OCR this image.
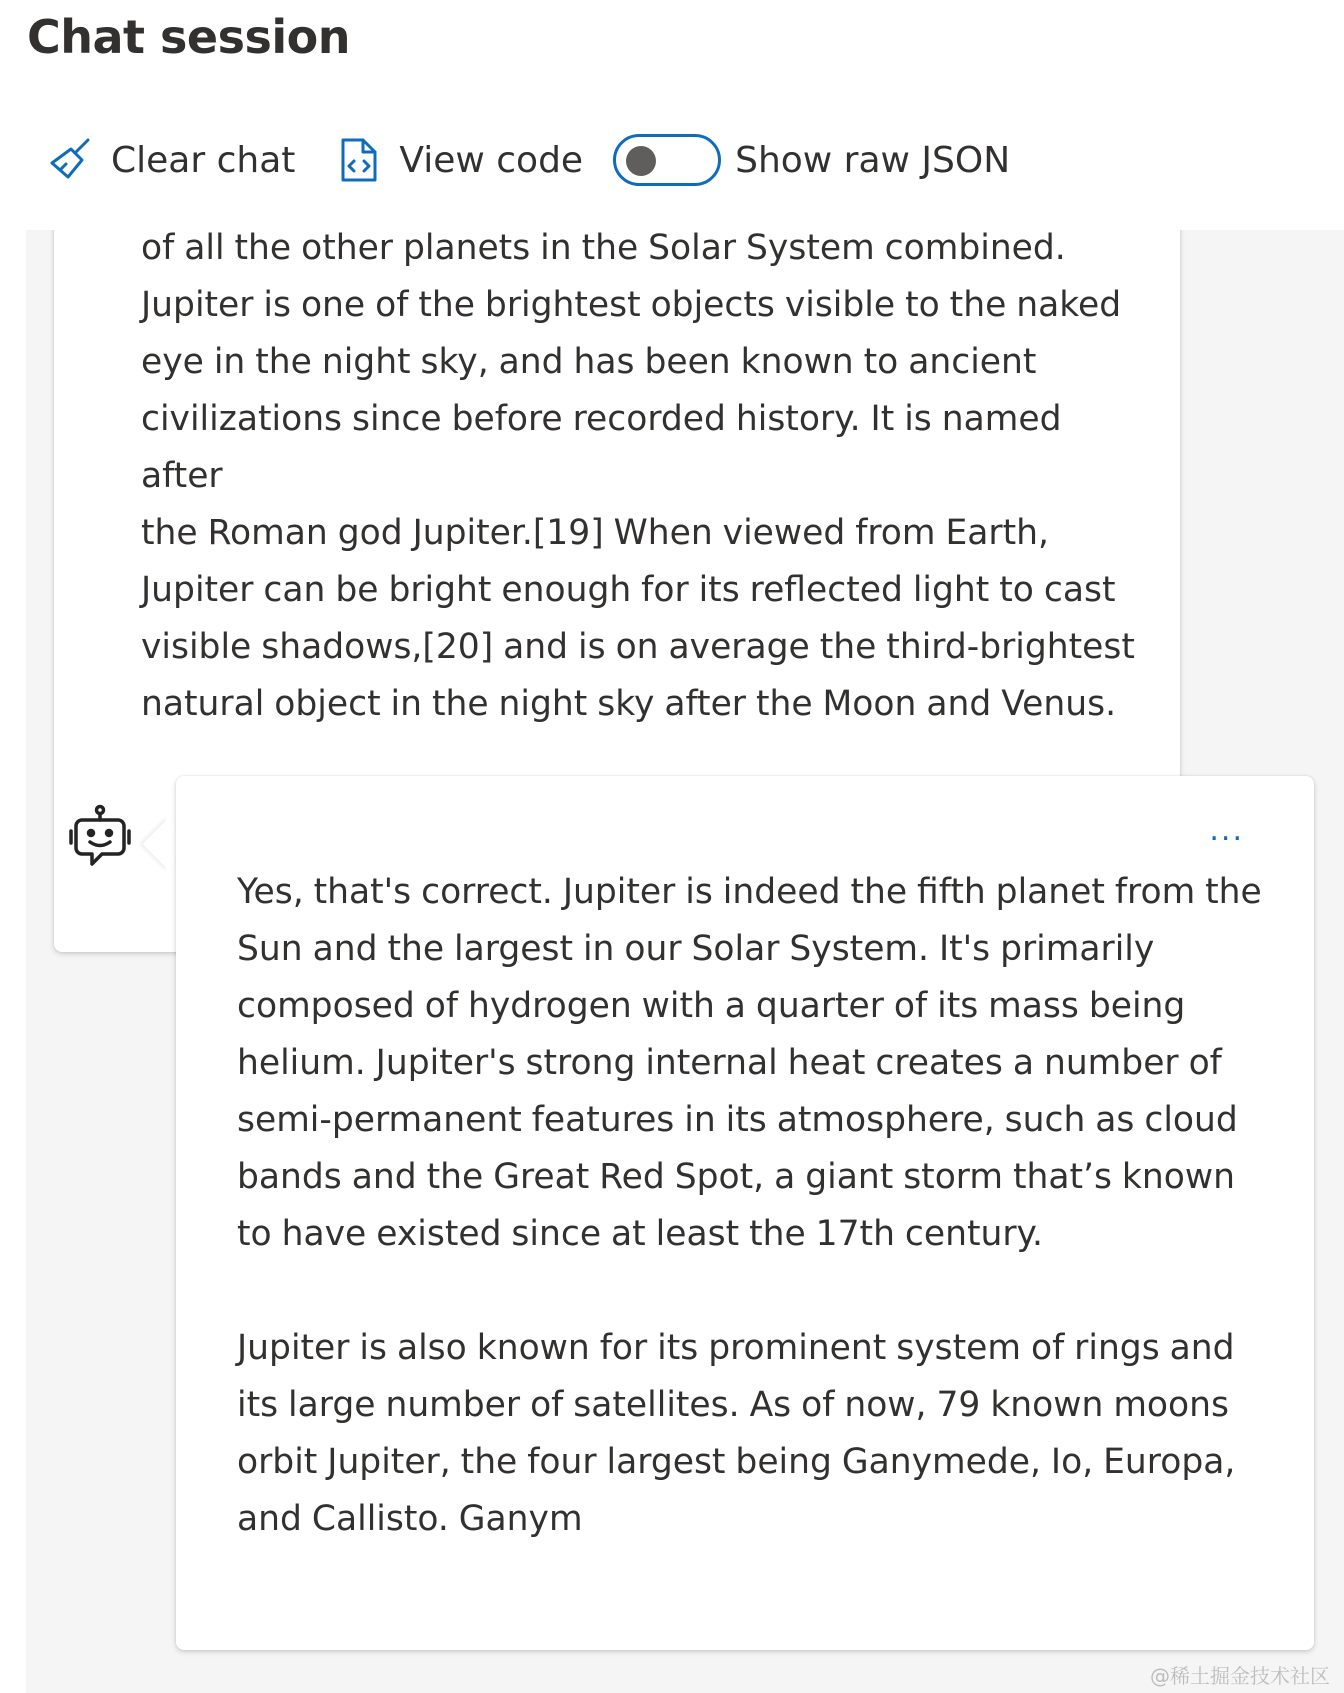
Chat session
Clear chat	View code	Show raw JSON
of all the other planets in the Solar System combined.
Jupiter is one of the brightest objects visible to the naked
eye in the night sky, and has been known to ancient
civilizations since before recorded history. It is named after
the Roman god Jupiter.[19] When viewed from Earth,
Jupiter can be bright enough for its reflected light to cast
visible shadows,[20] and is on average the third-brightest
natural object in the night sky after the Moon and Venus.
...
Yes, that's correct. Jupiter is indeed the fifth planet from the
Sun and the largest in our Solar System. It's primarily
composed of hydrogen with a quarter of its mass being
helium. Jupiter's strong internal heat creates a number of
semi-permanent features in its atmosphere, such as cloud
bands and the Great Red Spot, a giant storm that’s known
to have existed since at least the 17th century.

Jupiter is also known for its prominent system of rings and
its large number of satellites. As of now, 79 known moons
orbit Jupiter, the four largest being Ganymede, Io, Europa,
and Callisto. Ganym
@稀土掘金技术社区
